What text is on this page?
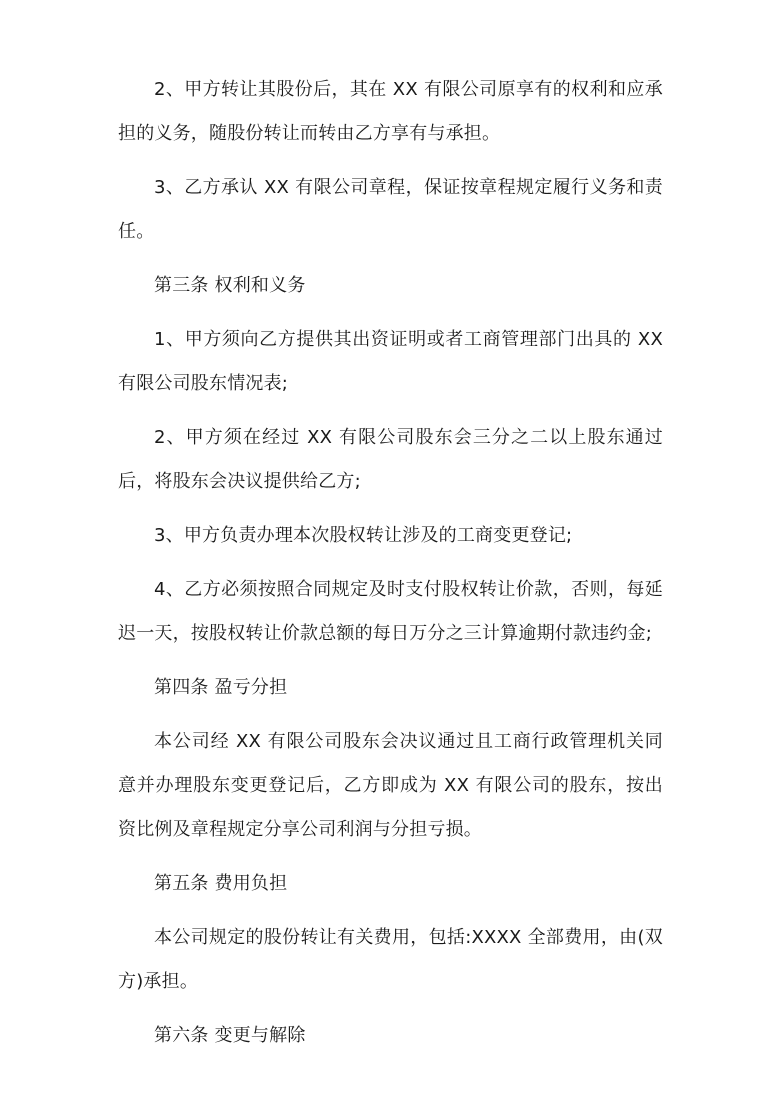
2、甲方转让其股份后，其在 XX 有限公司原享有的权利和应承担的义务，随股份转让而转由乙方享有与承担。

3、乙方承认 XX 有限公司章程，保证按章程规定履行义务和责任。

第三条 权利和义务

1、甲方须向乙方提供其出资证明或者工商管理部门出具的 XX 有限公司股东情况表;

2、甲方须在经过 XX 有限公司股东会三分之二以上股东通过后，将股东会决议提供给乙方;

3、甲方负责办理本次股权转让涉及的工商变更登记;

4、乙方必须按照合同规定及时支付股权转让价款，否则，每延迟一天，按股权转让价款总额的每日万分之三计算逾期付款违约金;

第四条 盈亏分担

本公司经 XX 有限公司股东会决议通过且工商行政管理机关同意并办理股东变更登记后，乙方即成为 XX 有限公司的股东，按出资比例及章程规定分享公司利润与分担亏损。

第五条 费用负担

本公司规定的股份转让有关费用，包括:XXXX 全部费用，由(双方)承担。

第六条 变更与解除
